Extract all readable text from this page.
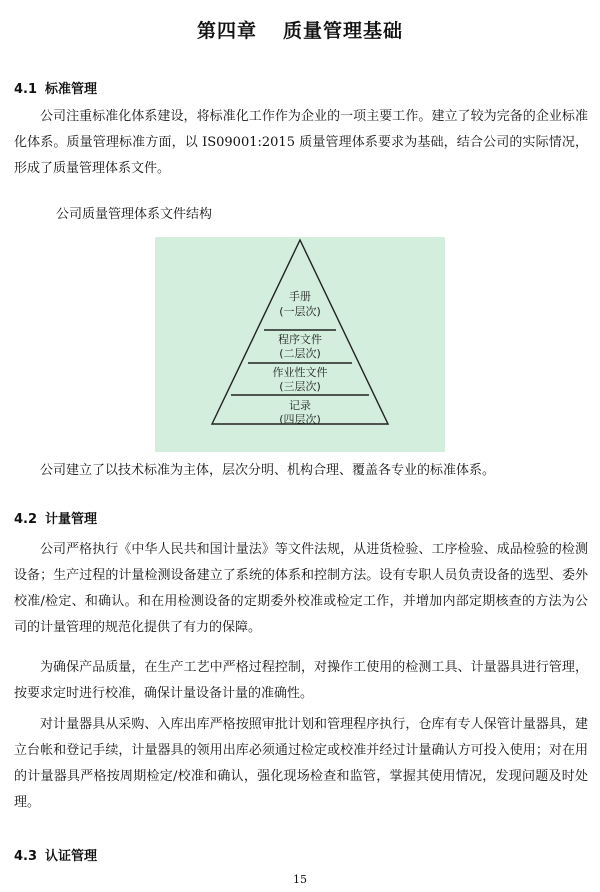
第四章 质量管理基础
4.1 标准管理

公司注重标准化体系建设，将标准化工作作为企业的一项主要工作。建立了较为完备的企业标准化体系。质量管理标准方面，以 IS09001:2015 质量管理体系要求为基础，结合公司的实际情况，形成了质量管理体系文件。

公司质量管理体系文件结构
手册
(一层次)
程序文件
(二层次)
作业性文件
(三层次)
记录
(四层次)

公司建立了以技术标准为主体，层次分明、机构合理、覆盖各专业的标准体系。

4.2 计量管理

公司严格执行《中华人民共和国计量法》等文件法规，从进货检验、工序检验、成品检验的检测设备；生产过程的计量检测设备建立了系统的体系和控制方法。设有专职人员负责设备的选型、委外校准/检定、和确认。和在用检测设备的定期委外校准或检定工作，并增加内部定期核查的方法为公司的计量管理的规范化提供了有力的保障。

为确保产品质量，在生产工艺中严格过程控制，对操作工使用的检测工具、计量器具进行管理，按要求定时进行校准，确保计量设备计量的准确性。

对计量器具从采购、入库出库严格按照审批计划和管理程序执行，仓库有专人保管计量器具，建立台帐和登记手续，计量器具的领用出库必须通过检定或校准并经过计量确认方可投入使用；对在用的计量器具严格按周期检定/校准和确认，强化现场检查和监管，掌握其使用情况，发现问题及时处理。

4.3 认证管理
15
